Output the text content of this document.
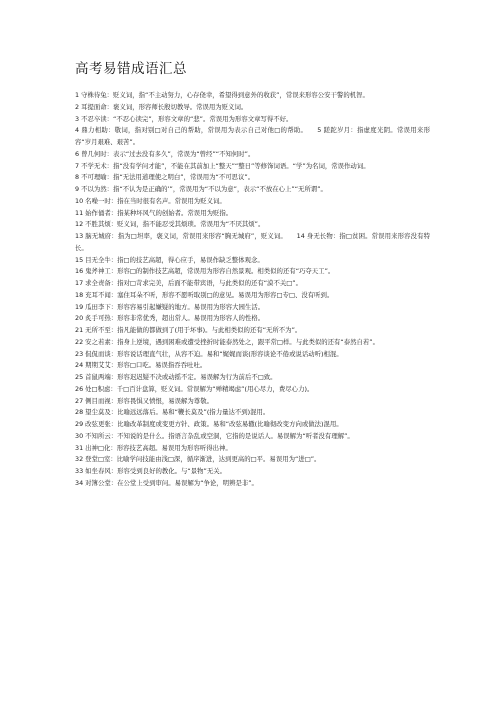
高考易错成语汇总

1 守株待兔：贬义词，指“不主动努力，心存侥幸，希望得到意外的收获”，常误来形容公安干警的机智。

2 耳提面命：褒义词，形容师长殷切教导。常误用为贬义词。

3 不忍卒读：“不忍心读完”，形容文章的“悲”。常误用为形容文章写得不好。

4 鼎力相助：敬词，指对别□对自己的帮助，常误用为表示自己对他□的帮助。　　5 蹉跎岁月：指虚度光阴。常误用来形容“岁月艰难、艰苦”。

6 曾几何时：表示“过去没有多久”，常误为“曾经”“不知何时”。

7 不学无术：指“没有学问才能”，不能在其前加上“整天”“整日”等修饰词语。“学”为名词，常误作动词。

8 不可理喻：指“无法用道理使之明白”，常误用为“不可思议”。

9 不以为然：指“不认为是正确的’”，常误用为“不以为意”，表示“不放在心上”“无所谓”。

10 名噪一时：指在当时很有名声。常误用为贬义词。

11 始作俑者：指某种坏风气的创始者。常误用为贬指。

12 不胜其烦：贬义词，指不能忍受其烦琐。常误用为“不厌其烦”。

13 脑无城府：指为□坦率，褒义词，常误用来形容“胸无城府”，贬义词。　　14 身无长物：指□贫困。常误用来形容没有特长。

15 目无全牛：指□的技艺高超，得心应手，易误作缺乏整体观念。

16 鬼斧神工：形容□的制作技艺高超，常误用为形容自然景观。相类似的还有“巧夺天工”。

17 求全责备：指对□苛求完美，后面不能带宾语，与此类似的还有“漠不关□”。

18 充耳不闻：塞住耳朵不听，形容不愿听取别□的意见。易误用为形容□专□、没有听到。

19 瓜田李下：形容容易引起嫌疑的地方。易误用为形容大园生活。

20 炙手可热：形容非常优秀，超出常人。易误用为形容人的性格。

21 无所不至：指凡能做的都做到了(用于坏事)。与此相类似的还有“无所不为”。

22 安之若素：指身上逆境，遇到困难或遭受挫折时能泰然处之，跟平常□样。与此类似的还有“泰然自若”。

23 侃侃而谈：形容说话理直气壮，从容不迫。易和“娓娓而谈(形容谈论不倦或说话动听)相混。

24 期期艾艾：形容□口吃。易误指吞吞吐吐。

25 首鼠两端：形容迟迟疑不决或动摇不定。易误解为行为前后不□致。

26 处□积虑：千□百计盘算，贬义词。常误解为“殚精竭虑”(用心尽力，费尽心力)。

27 侧目而视：形容畏惧又愤恨，易误解为尊敬。

28 望尘莫及：比喻远远落后。易和“鞭长莫及”(指力量达不到)混用。

29 改弦更张：比喻改革制度或变更方针、政策。易和“改弦易辙(比喻彻改变方向或做法)混用。

30 不知所云：不知说的是什么。指语言杂乱或空洞，它指的是说话人。易误解为“听者没有理解”。

31 出神□化：形容技艺高超。易误用为形容听得出神。

32 登堂□室：比喻学问技能由浅□深，循序渐进，达到更高的□平。易误用为“进□”。

33 如坐春风：形容受到良好的教化。与“景物”无关。

34 对簿公堂：在公堂上受到审问。易误解为“争论，明辨是非”。
